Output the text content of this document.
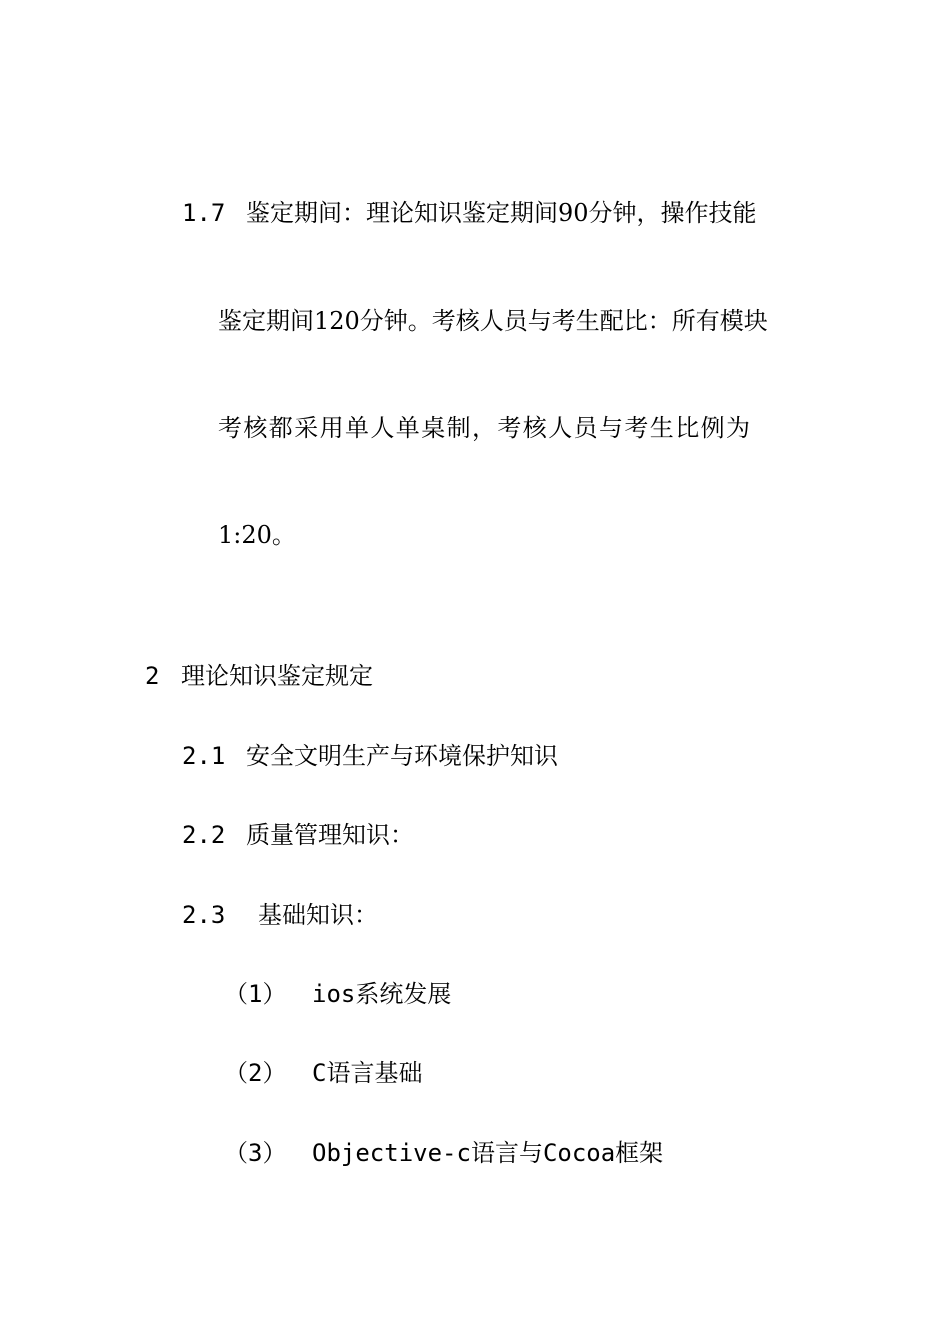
1.7 鉴定期间：理论知识鉴定期间90分钟，操作技能
鉴定期间120分钟。考核人员与考生配比：所有模块
考核都采用单人单桌制，考核人员与考生比例为
1:20。
2 理论知识鉴定规定
2.1 安全文明生产与环境保护知识
2.2 质量管理知识：
2.3 基础知识：
（1） ios系统发展
（2） C语言基础
（3） Objective-c语言与Cocoa框架
